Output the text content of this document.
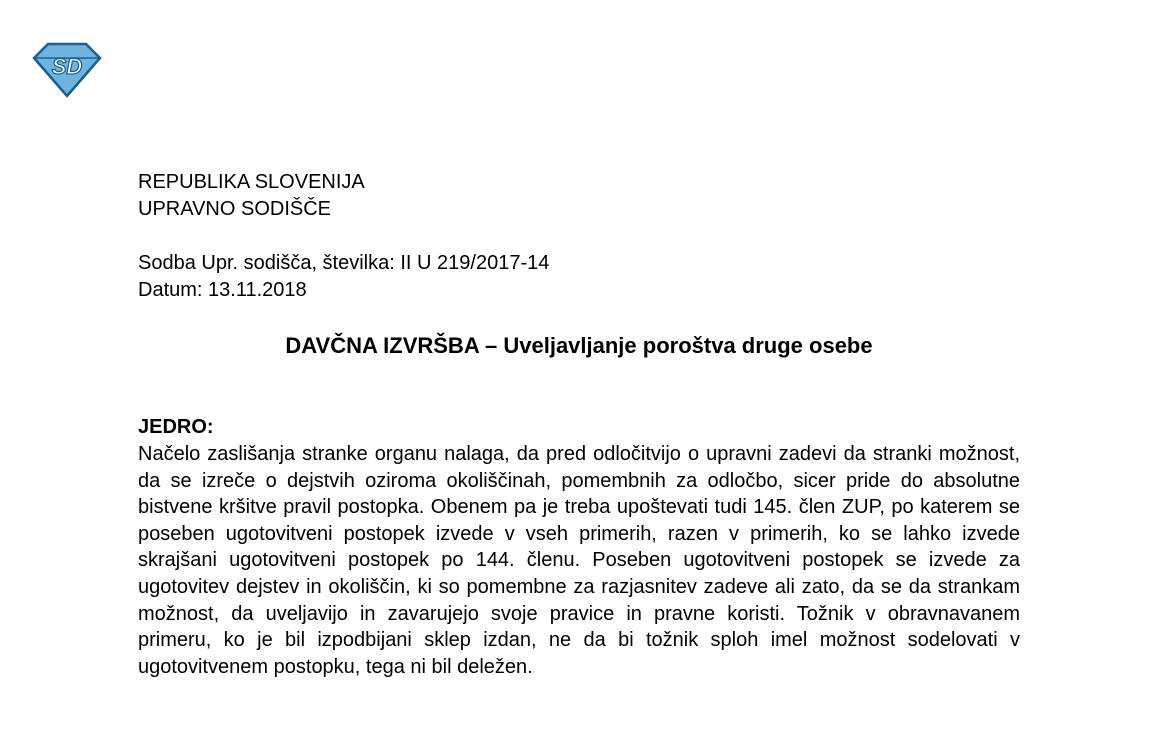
SD

REPUBLIKA SLOVENIJA

UPRAVNO SODIŠČE

Sodba Upr. sodišča, številka: II U 219/2017-14

Datum: 13.11.2018

DAVČNA IZVRŠBA – Uveljavljanje poroštva druge osebe
JEDRO:

Načelo zaslišanja stranke organu nalaga, da pred odločitvijo o upravni zadevi da stranki možnost, da se izreče o dejstvih oziroma okoliščinah, pomembnih za odločbo, sicer pride do absolutne bistvene kršitve pravil postopka. Obenem pa je treba upoštevati tudi 145. člen ZUP, po katerem se poseben ugotovitveni postopek izvede v vseh primerih, razen v primerih, ko se lahko izvede skrajšani ugotovitveni postopek po 144. členu. Poseben ugotovitveni postopek se izvede za ugotovitev dejstev in okoliščin, ki so pomembne za razjasnitev zadeve ali zato, da se da strankam možnost, da uveljavijo in zavarujejo svoje pravice in pravne koristi. Tožnik v obravnavanem primeru, ko je bil izpodbijani sklep izdan, ne da bi tožnik sploh imel možnost sodelovati v ugotovitvenem postopku, tega ni bil deležen.
